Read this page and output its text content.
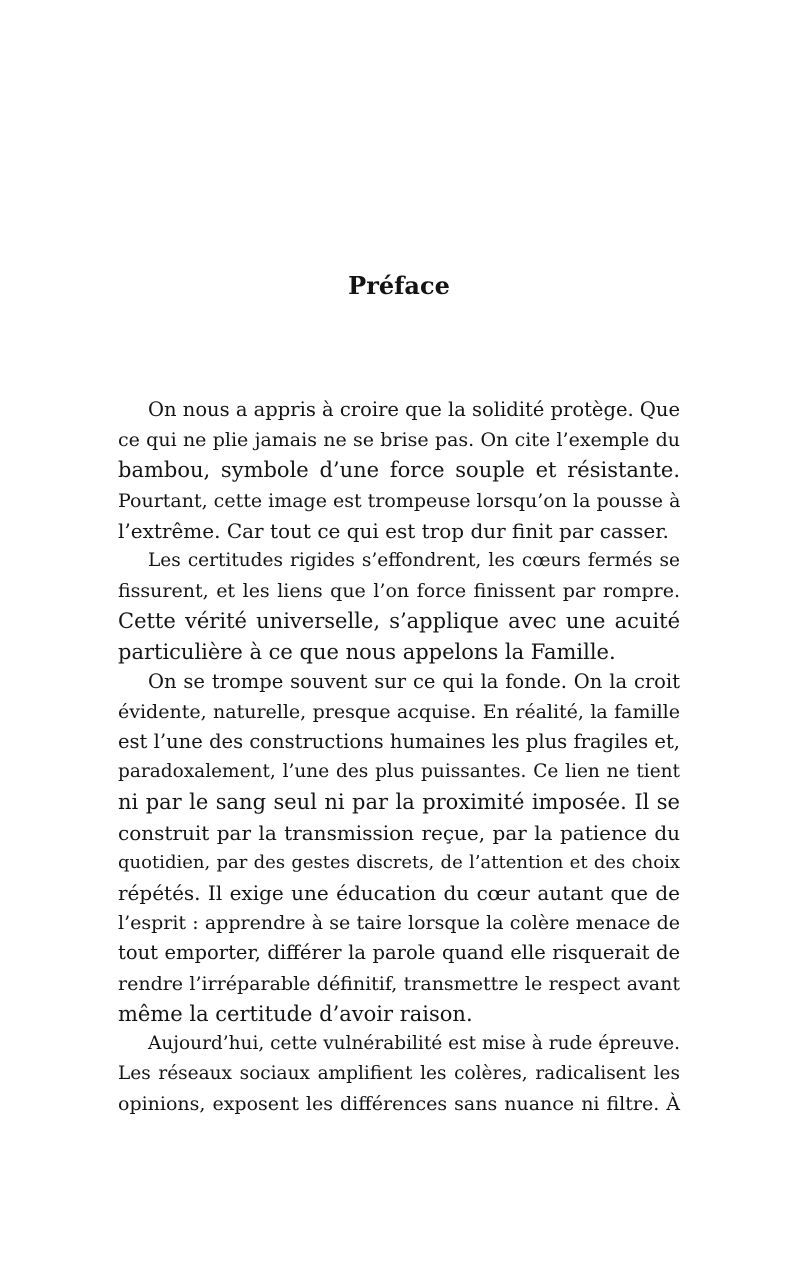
Préface
On nous a appris à croire que la solidité protège. Que
ce qui ne plie jamais ne se brise pas. On cite l’exemple du
bambou, symbole d’une force souple et résistante.
Pourtant, cette image est trompeuse lorsqu’on la pousse à
l’extrême. Car tout ce qui est trop dur finit par casser.
Les certitudes rigides s’effondrent, les cœurs fermés se
fissurent, et les liens que l’on force finissent par rompre.
Cette vérité universelle, s’applique avec une acuité
particulière à ce que nous appelons la Famille.
On se trompe souvent sur ce qui la fonde. On la croit
évidente, naturelle, presque acquise. En réalité, la famille
est l’une des constructions humaines les plus fragiles et,
paradoxalement, l’une des plus puissantes. Ce lien ne tient
ni par le sang seul ni par la proximité imposée. Il se
construit par la transmission reçue, par la patience du
quotidien, par des gestes discrets, de l’attention et des choix
répétés. Il exige une éducation du cœur autant que de
l’esprit : apprendre à se taire lorsque la colère menace de
tout emporter, différer la parole quand elle risquerait de
rendre l’irréparable définitif, transmettre le respect avant
même la certitude d’avoir raison.
Aujourd’hui, cette vulnérabilité est mise à rude épreuve.
Les réseaux sociaux amplifient les colères, radicalisent les
opinions, exposent les différences sans nuance ni filtre. À
